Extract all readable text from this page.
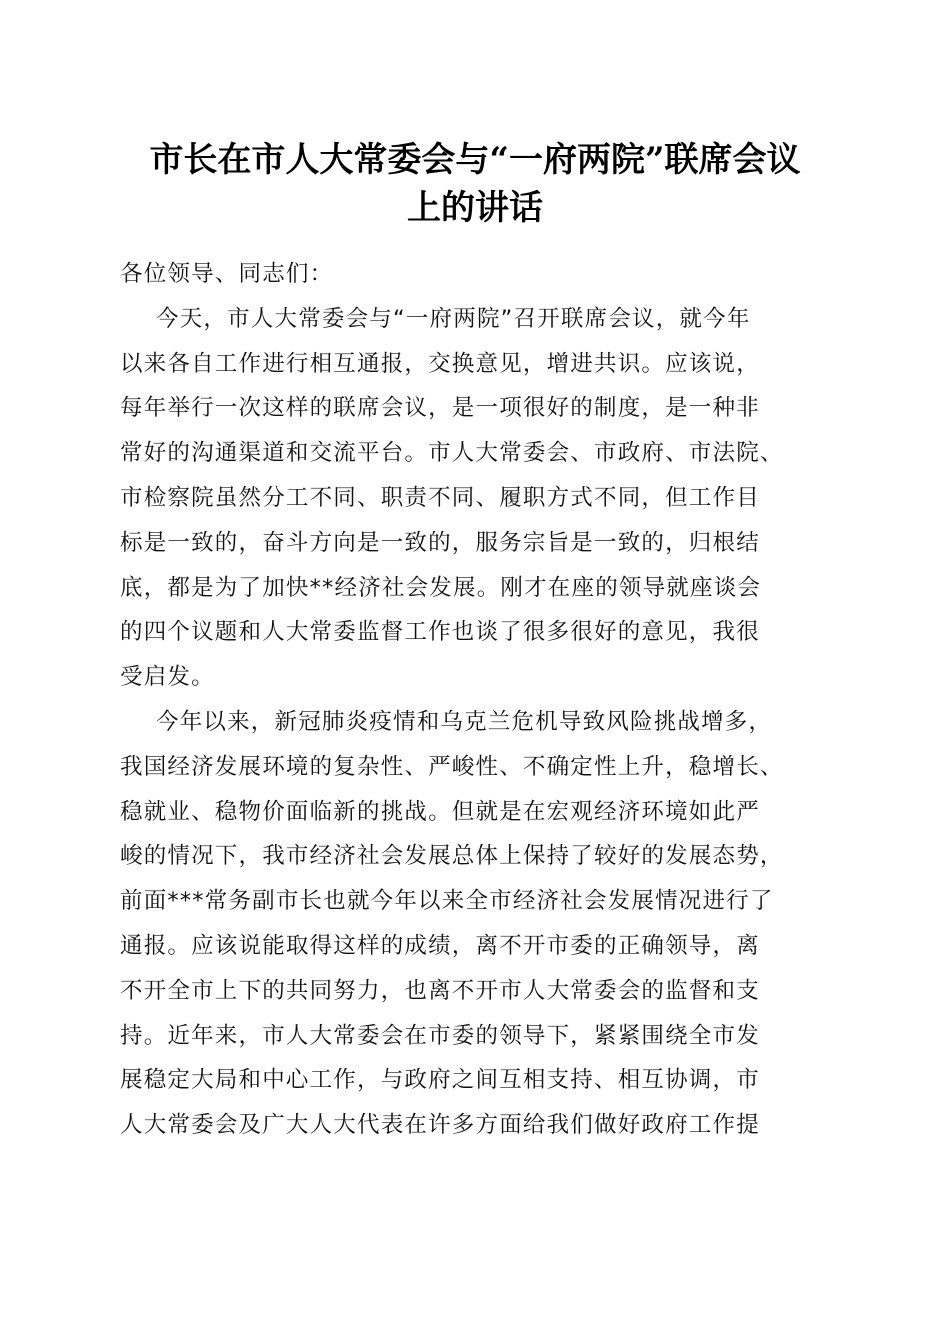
市长在市人大常委会与“一府两院”联席会议
上的讲话
各位领导、同志们：
今天，市人大常委会与“一府两院”召开联席会议，就今年
以来各自工作进行相互通报，交换意见，增进共识。应该说，
每年举行一次这样的联席会议，是一项很好的制度，是一种非
常好的沟通渠道和交流平台。市人大常委会、市政府、市法院、
市检察院虽然分工不同、职责不同、履职方式不同，但工作目
标是一致的，奋斗方向是一致的，服务宗旨是一致的，归根结
底，都是为了加快**经济社会发展。刚才在座的领导就座谈会
的四个议题和人大常委监督工作也谈了很多很好的意见，我很
受启发。
今年以来，新冠肺炎疫情和乌克兰危机导致风险挑战增多，
我国经济发展环境的复杂性、严峻性、不确定性上升，稳增长、
稳就业、稳物价面临新的挑战。但就是在宏观经济环境如此严
峻的情况下，我市经济社会发展总体上保持了较好的发展态势，
前面***常务副市长也就今年以来全市经济社会发展情况进行了
通报。应该说能取得这样的成绩，离不开市委的正确领导，离
不开全市上下的共同努力，也离不开市人大常委会的监督和支
持。近年来，市人大常委会在市委的领导下，紧紧围绕全市发
展稳定大局和中心工作，与政府之间互相支持、相互协调，市
人大常委会及广大人大代表在许多方面给我们做好政府工作提
